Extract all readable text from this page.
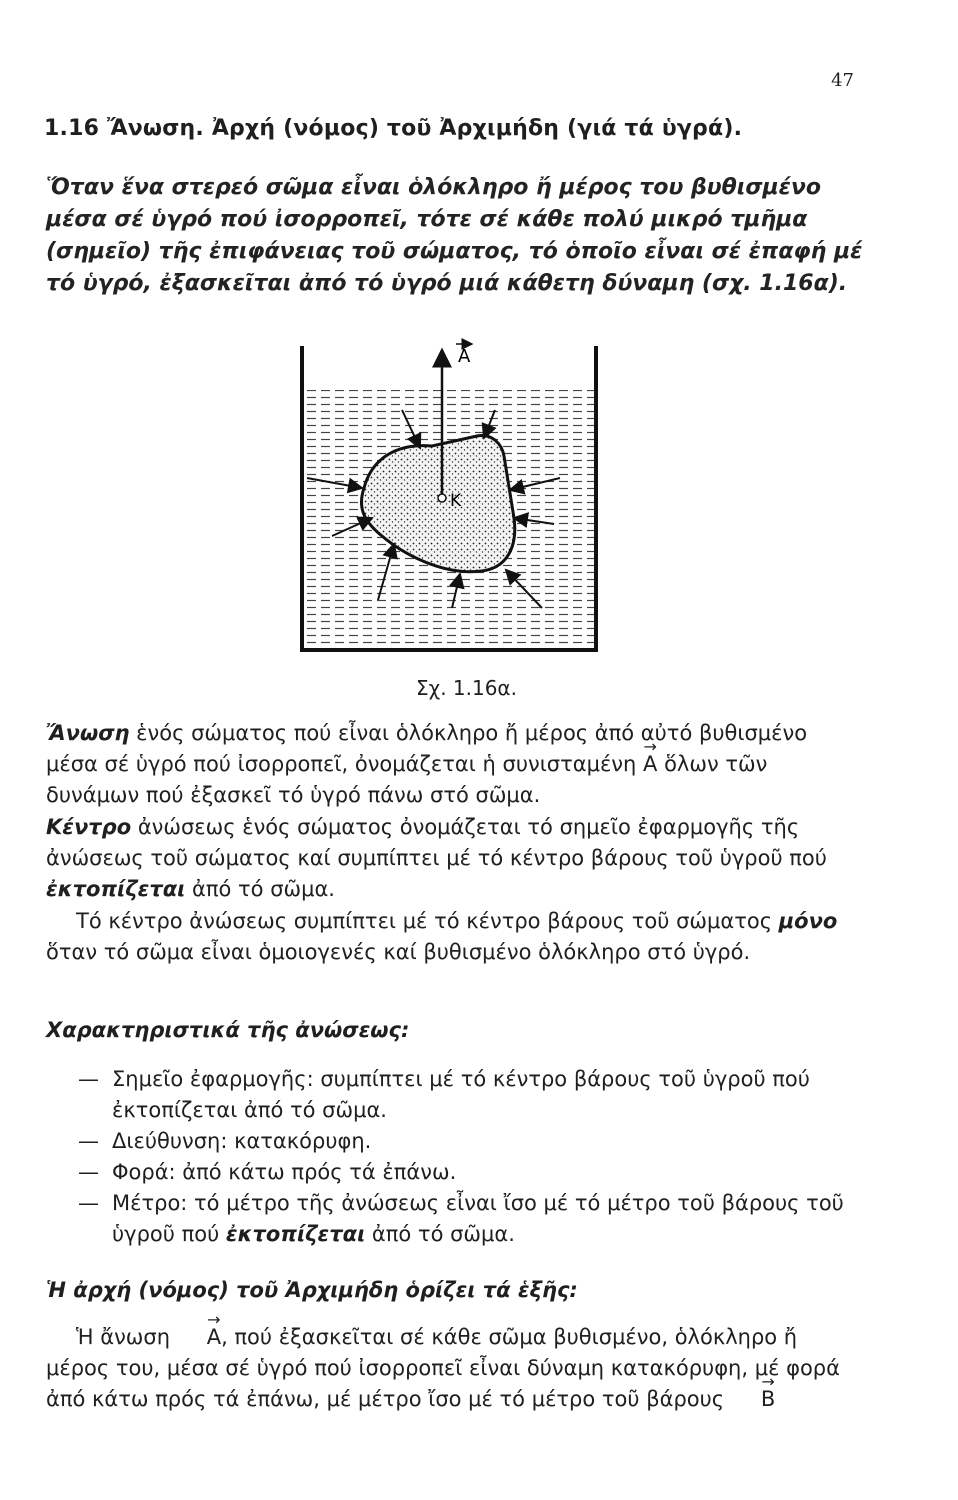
47
1.16 Ἄνωση. Ἀρχή (νόμος) τοῦ Ἀρχιμήδη (γιά τά ὑγρά).
Ὅταν ἕνα στερεό σῶμα εἶναι ὁλόκληρο ἤ μέρος του βυθισμένο μέσα σέ ὑγρό πού ἰσορροπεῖ, τότε σέ κάθε πολύ μικρό τμῆμα (σημεῖο) τῆς ἐπιφάνειας τοῦ σώματος, τό ὁποῖο εἶναι σέ ἐπαφή μέ τό ὑγρό, ἐξασκεῖται ἀπό τό ὑγρό μιά κάθετη δύναμη (σχ. 1.16α).
A
K
Σχ. 1.16α.

Ἄνωση ἑνός σώματος πού εἶναι ὁλόκληρο ἤ μέρος ἀπό αὐτό βυθισμένο μέσα σέ ὑγρό πού ἰσορροπεῖ, ὀνομάζεται ἡ συνισταμένη → A ὅλων τῶν δυνάμων πού ἐξασκεῖ τό ὑγρό πάνω στό σῶμα.

Κέντρο ἀνώσεως ἑνός σώματος ὀνομάζεται τό σημεῖο ἐφαρμογῆς τῆς ἀνώσεως τοῦ σώματος καί συμπίπτει μέ τό κέντρο βάρους τοῦ ὑγροῦ πού ἐκτοπίζεται ἀπό τό σῶμα.

Τό κέντρο ἀνώσεως συμπίπτει μέ τό κέντρο βάρους τοῦ σώματος μόνο ὅταν τό σῶμα εἶναι ὁμοιογενές καί βυθισμένο ὁλόκληρο στό ὑγρό.

Χαρακτηριστικά τῆς ἀνώσεως:
— Σημεῖο ἐφαρμογῆς: συμπίπτει μέ τό κέντρο βάρους τοῦ ὑγροῦ πού ἐκτοπίζεται ἀπό τό σῶμα.
— Διεύθυνση: κατακόρυφη.
— Φορά: ἀπό κάτω πρός τά ἐπάνω.
— Μέτρο: τό μέτρο τῆς ἀνώσεως εἶναι ἴσο μέ τό μέτρο τοῦ βάρους τοῦ ὑγροῦ πού ἐκτοπίζεται ἀπό τό σῶμα.
Ἡ ἀρχή (νόμος) τοῦ Ἀρχιμήδη ὁρίζει τά ἑξῆς:

Ἡ ἄνωση → A, πού ἐξασκεῖται σέ κάθε σῶμα βυθισμένο, ὁλόκληρο ἤ μέρος του, μέσα σέ ὑγρό πού ἰσορροπεῖ εἶναι δύναμη κατακόρυφη, μέ φορά ἀπό κάτω πρός τά ἐπάνω, μέ μέτρο ἴσο μέ τό μέτρο τοῦ βάρους → B
